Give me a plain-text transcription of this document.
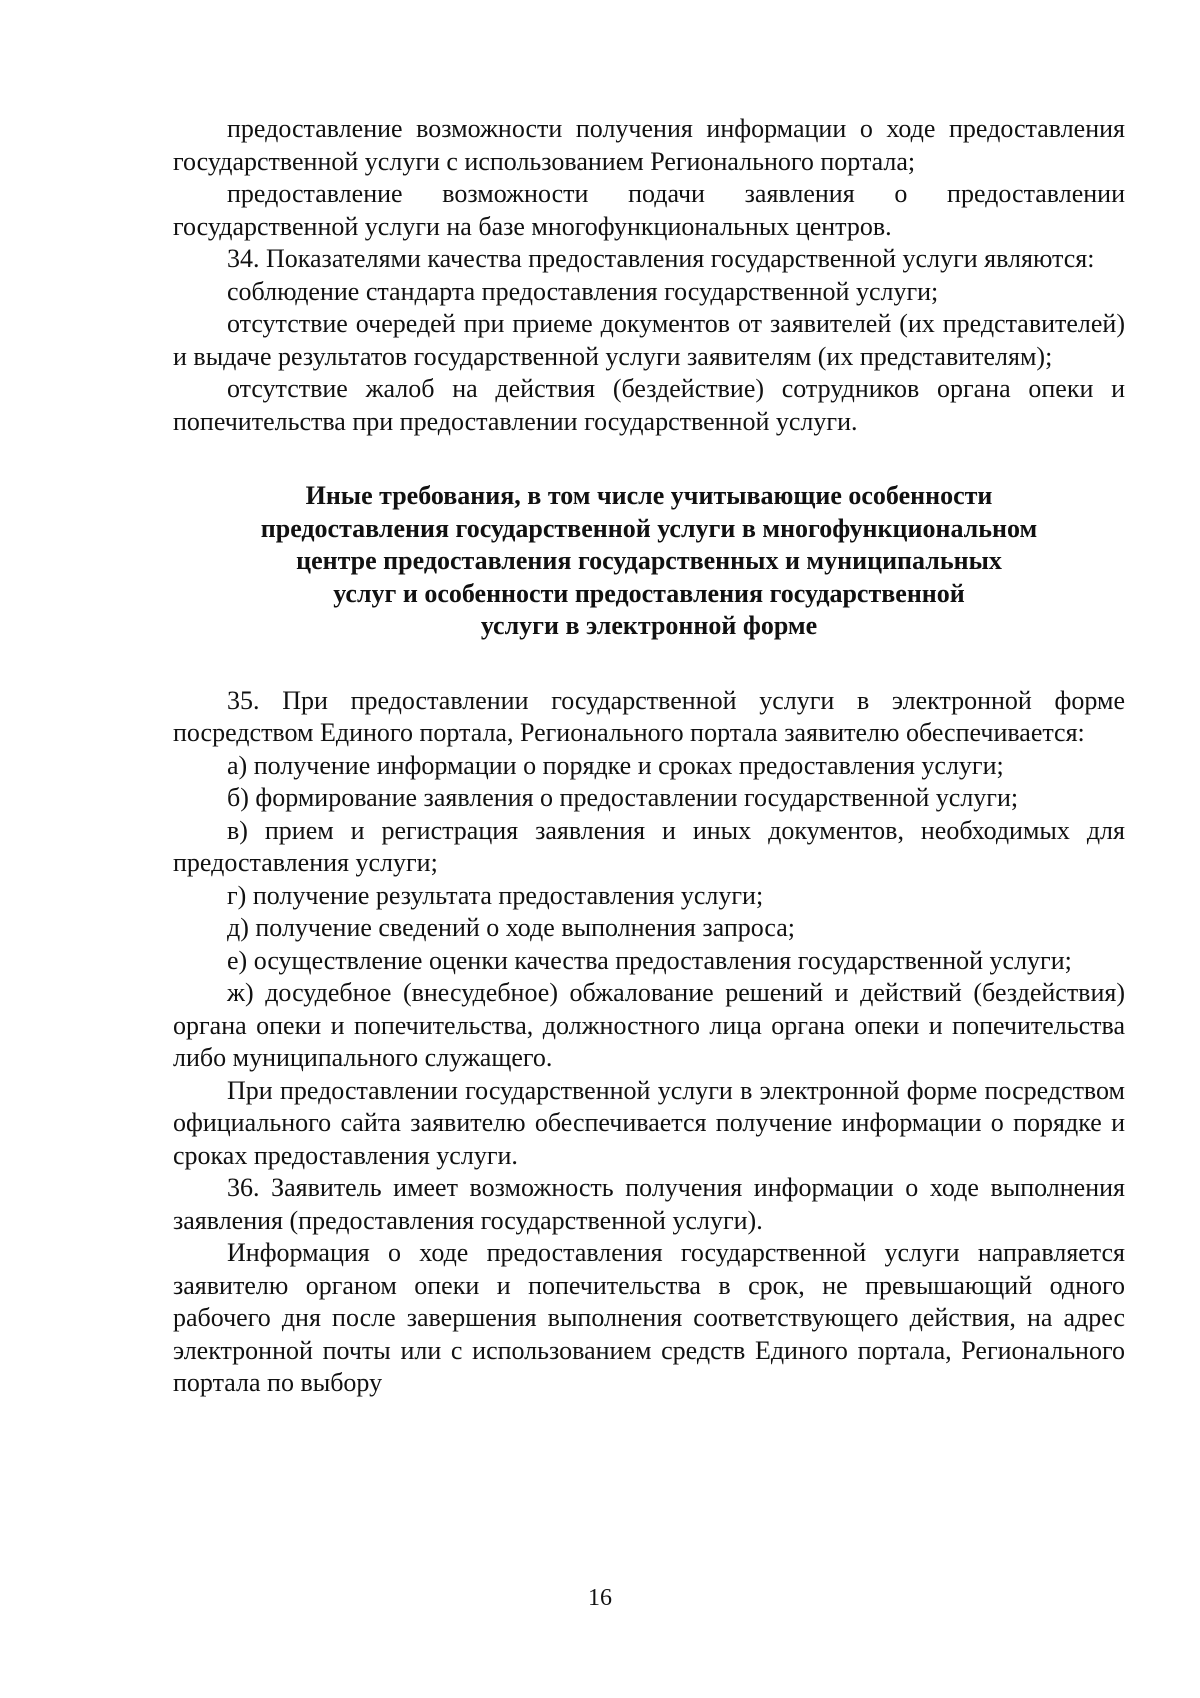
предоставление возможности получения информации о ходе предоставления государственной услуги с использованием Регионального портала;

предоставление возможности подачи заявления о предоставлении государственной услуги на базе многофункциональных центров.

34. Показателями качества предоставления государственной услуги являются:

соблюдение стандарта предоставления государственной услуги;

отсутствие очередей при приеме документов от заявителей (их представителей) и выдаче результатов государственной услуги заявителям (их представителям);

отсутствие жалоб на действия (бездействие) сотрудников органа опеки и попечительства при предоставлении государственной услуги.

Иные требования, в том числе учитывающие особенности
предоставления государственной услуги в многофункциональном
центре предоставления государственных и муниципальных
услуг и особенности предоставления государственной
услуги в электронной форме

35. При предоставлении государственной услуги в электронной форме посредством Единого портала, Регионального портала заявителю обеспечивается:

а) получение информации о порядке и сроках предоставления услуги;

б) формирование заявления о предоставлении государственной услуги;

в) прием и регистрация заявления и иных документов, необходимых для предоставления услуги;

г) получение результата предоставления услуги;

д) получение сведений о ходе выполнения запроса;

е) осуществление оценки качества предоставления государственной услуги;

ж) досудебное (внесудебное) обжалование решений и действий (бездействия) органа опеки и попечительства, должностного лица органа опеки и попечительства либо муниципального служащего.

При предоставлении государственной услуги в электронной форме посредством официального сайта заявителю обеспечивается получение информации о порядке и сроках предоставления услуги.

36. Заявитель имеет возможность получения информации о ходе выполнения заявления (предоставления государственной услуги).

Информация о ходе предоставления государственной услуги направляется заявителю органом опеки и попечительства в срок, не превышающий одного рабочего дня после завершения выполнения соответствующего действия, на адрес электронной почты или с использованием средств Единого портала, Регионального портала по выбору

16
